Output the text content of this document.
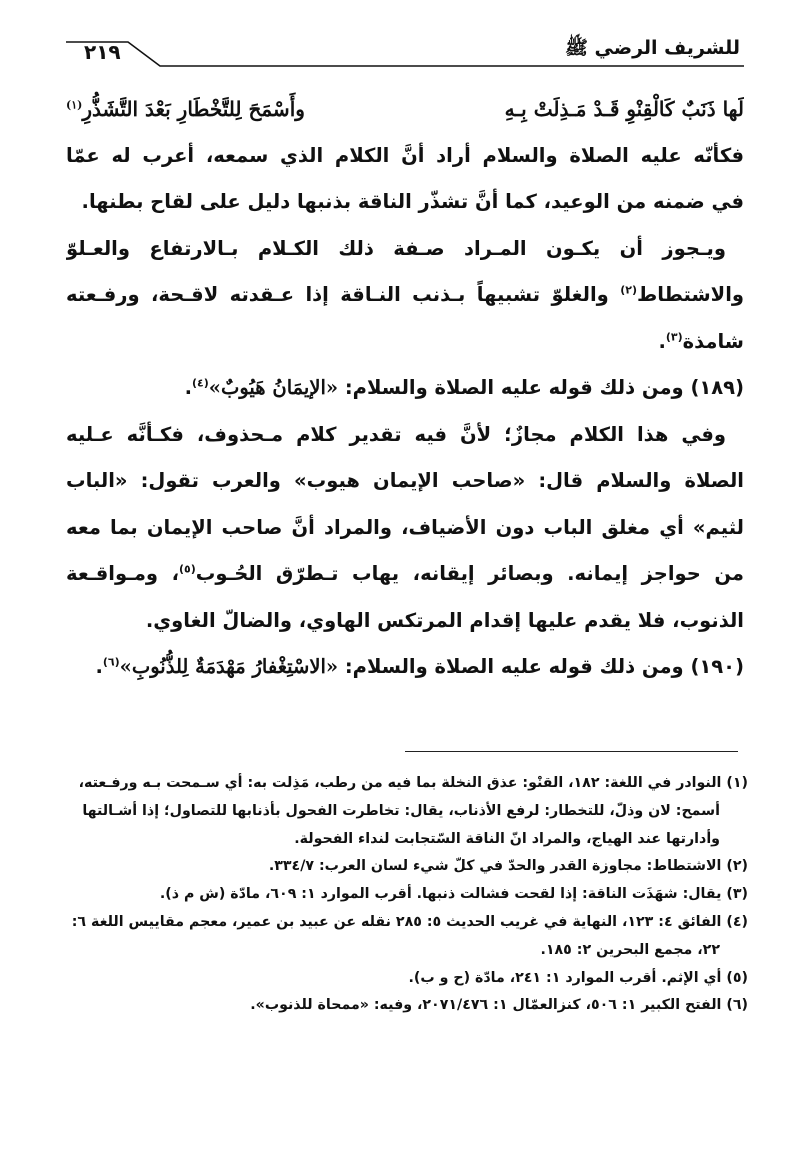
للشريف الرضي ﷺ
٢١٩
لَها ذَنَبٌ كَالْقِنْوِ قَـدْ مَـذِلَتْ بِـهِ
وأَسْمَحَ لِلتَّخْطَارِ بَعْدَ التَّشَذُّرِ$^{(١)}$
فكأنّه عليه الصلاة والسلام أراد أنَّ الكلام الذي سمعه، أعرب له عمّا
في ضمنه من الوعيد، كما أنَّ تشذّر الناقة بذنبها دليل على لقاح بطنها.
ويـجوز أن يكـون المـراد صـفة ذلك الكـلام بـالارتفاع والعـلوّ
والاشتطاط$^{(٢)}$ والغلوّ تشبيهاً بـذنب النـاقة إذا عـقدته لاقـحة، ورفـعته
شامذة$^{(٣)}$.
(١٨٩) ومن ذلك قوله عليه الصلاة والسلام: «الإيمَانُ هَيُوبٌ»$^{(٤)}$.
وفي هذا الكلام مجازٌ؛ لأنَّ فيه تقدير كلام مـحذوف، فكـأنَّه عـليه
الصلاة والسلام قال: «صاحب الإيمان هيوب» والعرب تقول: «الباب
لثيم» أي مغلق الباب دون الأضياف، والمراد أنَّ صاحب الإيمان بما معه
من حواجز إيمانه. وبصائر إيقانه، يهاب تـطرّق الحُـوب$^{(٥)}$، ومـواقـعة
الذنوب، فلا يقدم عليها إقدام المرتكس الهاوي، والضالّ الغاوي.
(١٩٠) ومن ذلك قوله عليه الصلاة والسلام: «الاسْتِغْفارُ مَهْدَمَةٌ لِلذُّنُوبِ»$^{(٦)}$.
(١) النوادر في اللغة: ١٨٢، القنْو: عذق النخلة بما فيه من رطب، مَذِلت به: أي سـمحت بـه ورفـعته،
أسمح: لان وذلّ، للتخطار: لرفع الأذناب، يقال: تخاطرت الفحول بأذنابها للتصاول؛ إذا أشـالتها
وأدارتها عند الهياج، والمراد انّ الناقة السّتجابت لنداء الفحولة.
(٢) الاشتطاط: مجاوزة القدر والحدّ في كلّ شيء لسان العرب: ٣٣٤/٧.
(٣) يقال: شهَذَت الناقة: إذا لقحت فشالت ذنبها. أقرب الموارد ١: ٦٠٩، مادّة (ش م ذ).
(٤) الفائق ٤: ١٢٣، النهاية في غريب الحديث ٥: ٢٨٥ نقله عن عبيد بن عمير، معجم مقاييس اللغة ٦:
٢٢، مجمع البحرين ٢: ١٨٥.
(٥) أي الإثم. أقرب الموارد ١: ٢٤١، مادّة (ح و ب).
(٦) الفتح الكبير ١: ٥٠٦، كنزالعمّال ١: ٢٠٧١/٤٧٦، وفيه: «ممحاة للذنوب».
